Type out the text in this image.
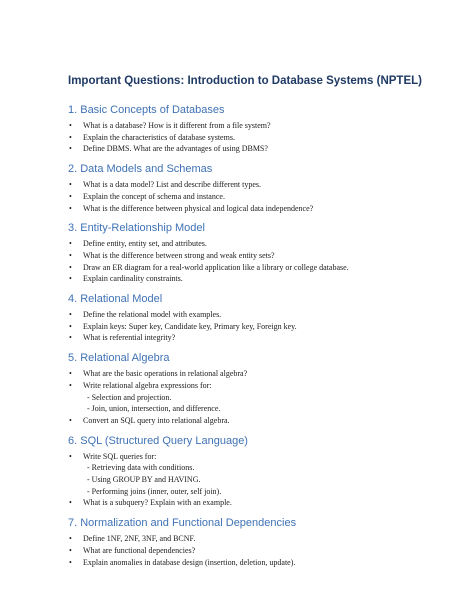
Important Questions: Introduction to Database Systems (NPTEL)
1. Basic Concepts of Databases
• What is a database? How is it different from a file system?
• Explain the characteristics of database systems.
• Define DBMS. What are the advantages of using DBMS?
2. Data Models and Schemas
• What is a data model? List and describe different types.
• Explain the concept of schema and instance.
• What is the difference between physical and logical data independence?
3. Entity-Relationship Model
• Define entity, entity set, and attributes.
• What is the difference between strong and weak entity sets?
• Draw an ER diagram for a real-world application like a library or college database.
• Explain cardinality constraints.
4. Relational Model
• Define the relational model with examples.
• Explain keys: Super key, Candidate key, Primary key, Foreign key.
• What is referential integrity?
5. Relational Algebra
• What are the basic operations in relational algebra?
• Write relational algebra expressions for:
- Selection and projection.
- Join, union, intersection, and difference.
• Convert an SQL query into relational algebra.
6. SQL (Structured Query Language)
• Write SQL queries for:
- Retrieving data with conditions.
- Using GROUP BY and HAVING.
- Performing joins (inner, outer, self join).
• What is a subquery? Explain with an example.
7. Normalization and Functional Dependencies
• Define 1NF, 2NF, 3NF, and BCNF.
• What are functional dependencies?
• Explain anomalies in database design (insertion, deletion, update).
